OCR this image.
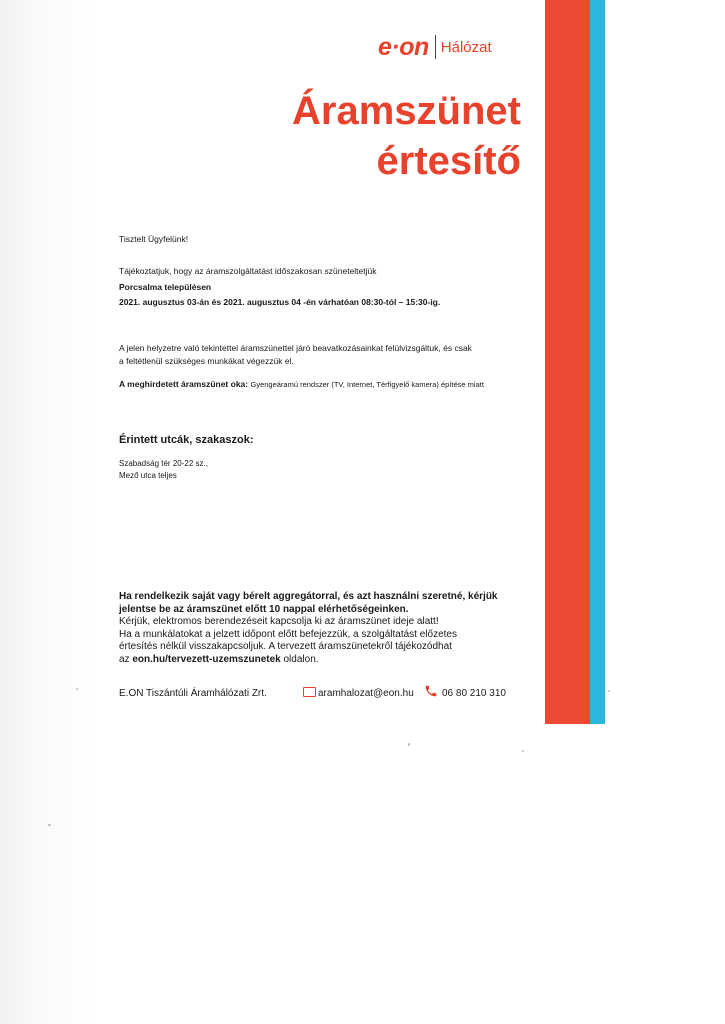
e·on Hálózat
Áramszünet
értesítő
Tisztelt Ügyfelünk!
Tájékoztatjuk, hogy az áramszolgáltatást időszakosan szüneteltetjük
Porcsalma településen
2021. augusztus 03-án és 2021. augusztus 04 -én várhatóan 08:30-tól – 15:30-ig.
A jelen helyzetre való tekintettel áramszünettel járó beavatkozásainkat felülvizsgáltuk, és csak
a feltétlenül szükséges munkákat végezzük el.
A meghirdetett áramszünet oka: Gyengeáramú rendszer (TV, Internet, Térfigyelő kamera) építése miatt
Érintett utcák, szakaszok:
Szabadság tér 20-22 sz.,
Mező utca teljes
Ha rendelkezik saját vagy bérelt aggregátorral, és azt használni szeretné, kérjük
jelentse be az áramszünet előtt 10 nappal elérhetőségeinken.
Kérjük, elektromos berendezéseit kapcsolja ki az áramszünet ideje alatt!
Ha a munkálatokat a jelzett időpont előtt befejezzük, a szolgáltatást előzetes
értesítés nélkül visszakapcsoljuk. A tervezett áramszünetekről tájékozódhat
az eon.hu/tervezett-uzemszunetek oldalon.
E.ON Tiszántúli Áramhálózati Zrt.	aramhalozat@eon.hu	06 80 210 310
